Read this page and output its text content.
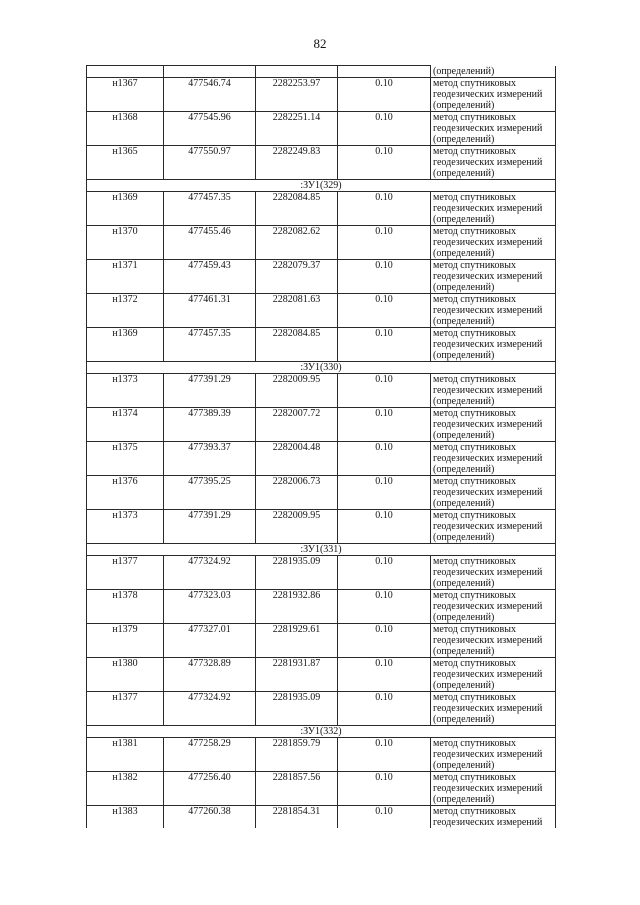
82

				(определений)

н1367	477546.74	2282253.97	0.10	метод спутниковых
геодезических измерений
(определений)

н1368	477545.96	2282251.14	0.10	метод спутниковых
геодезических измерений
(определений)

н1365	477550.97	2282249.83	0.10	метод спутниковых
геодезических измерений
(определений)

:ЗУ1(329)				
н1369	477457.35	2282084.85	0.10	метод спутниковых
геодезических измерений
(определений)

н1370	477455.46	2282082.62	0.10	метод спутниковых
геодезических измерений
(определений)

н1371	477459.43	2282079.37	0.10	метод спутниковых
геодезических измерений
(определений)

н1372	477461.31	2282081.63	0.10	метод спутниковых
геодезических измерений
(определений)

н1369	477457.35	2282084.85	0.10	метод спутниковых
геодезических измерений
(определений)

:ЗУ1(330)				
н1373	477391.29	2282009.95	0.10	метод спутниковых
геодезических измерений
(определений)

н1374	477389.39	2282007.72	0.10	метод спутниковых
геодезических измерений
(определений)

н1375	477393.37	2282004.48	0.10	метод спутниковых
геодезических измерений
(определений)

н1376	477395.25	2282006.73	0.10	метод спутниковых
геодезических измерений
(определений)

н1373	477391.29	2282009.95	0.10	метод спутниковых
геодезических измерений
(определений)

:ЗУ1(331)				
н1377	477324.92	2281935.09	0.10	метод спутниковых
геодезических измерений
(определений)

н1378	477323.03	2281932.86	0.10	метод спутниковых
геодезических измерений
(определений)

н1379	477327.01	2281929.61	0.10	метод спутниковых
геодезических измерений
(определений)

н1380	477328.89	2281931.87	0.10	метод спутниковых
геодезических измерений
(определений)

н1377	477324.92	2281935.09	0.10	метод спутниковых
геодезических измерений
(определений)

:ЗУ1(332)				
н1381	477258.29	2281859.79	0.10	метод спутниковых
геодезических измерений
(определений)

н1382	477256.40	2281857.56	0.10	метод спутниковых
геодезических измерений
(определений)

н1383	477260.38	2281854.31	0.10	метод спутниковых
геодезических измерений
